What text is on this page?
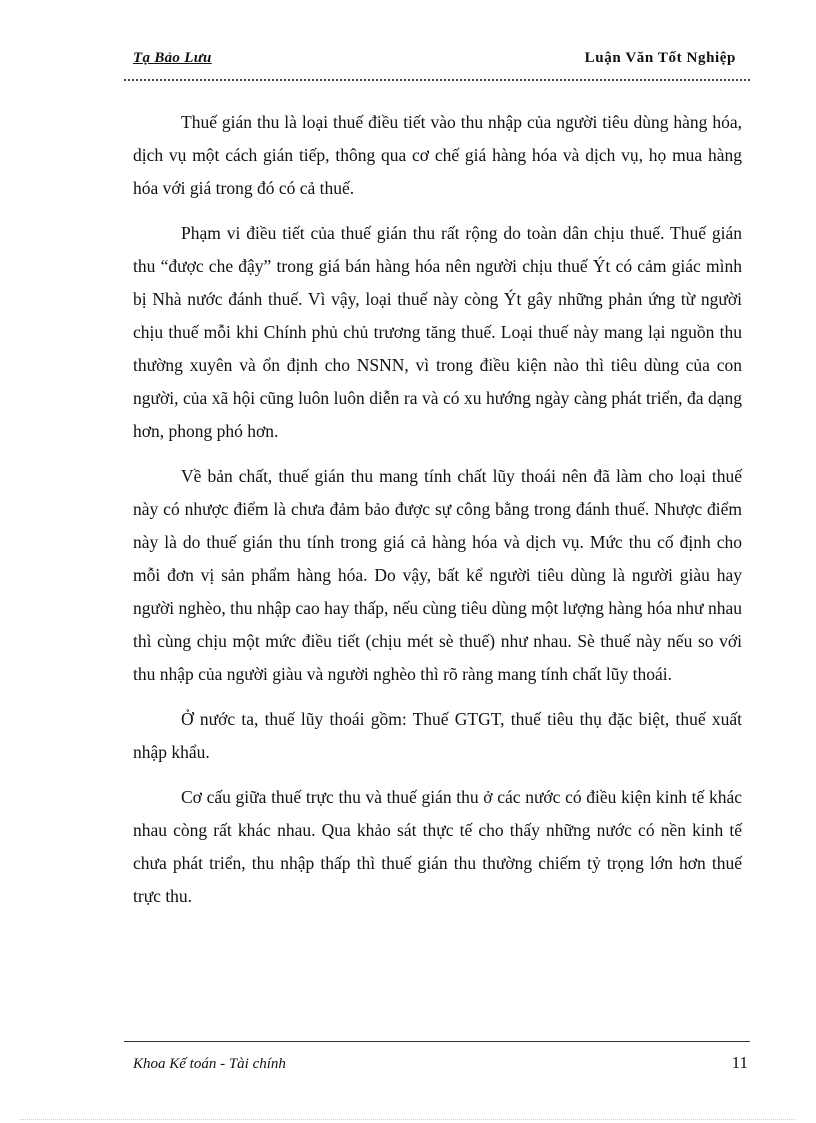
Tạ Bảo Lưu	Luận Văn Tốt Nghiệp

Thuế gián thu là loại thuế điều tiết vào thu nhập của người tiêu dùng hàng hóa, dịch vụ một cách gián tiếp, thông qua cơ chế giá hàng hóa và dịch vụ, họ mua hàng hóa với giá trong đó có cả thuế.

Phạm vi điều tiết của thuế gián thu rất rộng do toàn dân chịu thuế. Thuế gián thu “được che đậy” trong giá bán hàng hóa nên người chịu thuế Ýt có cảm giác mình bị Nhà nước đánh thuế. Vì vậy, loại thuế này còng Ýt gây những phản ứng từ người chịu thuế mỗi khi Chính phủ chủ trương tăng thuế. Loại thuế này mang lại nguồn thu thường xuyên và ổn định cho NSNN, vì trong điều kiện nào thì tiêu dùng của con người, của xã hội cũng luôn luôn diễn ra và có xu hướng ngày càng phát triển, đa dạng hơn, phong phó hơn.

Về bản chất, thuế gián thu mang tính chất lũy thoái nên đã làm cho loại thuế này có nhược điểm là chưa đảm bảo được sự công bằng trong đánh thuế. Nhược điểm này là do thuế gián thu tính trong giá cả hàng hóa và dịch vụ. Mức thu cố định cho mỗi đơn vị sản phẩm hàng hóa. Do vậy, bất kể người tiêu dùng là người giàu hay người nghèo, thu nhập cao hay thấp, nếu cùng tiêu dùng một lượng hàng hóa như nhau thì cùng chịu một mức điều tiết (chịu mét sè thuế) như nhau. Sè thuế này nếu so với thu nhập của người giàu và người nghèo thì rõ ràng mang tính chất lũy thoái.

Ở nước ta, thuế lũy thoái gồm: Thuế GTGT, thuế tiêu thụ đặc biệt, thuế xuất nhập khẩu.

Cơ cấu giữa thuế trực thu và thuế gián thu ở các nước có điều kiện kinh tế khác nhau còng rất khác nhau. Qua khảo sát thực tế cho thấy những nước có nền kinh tế chưa phát triển, thu nhập thấp thì thuế gián thu thường chiếm tỷ trọng lớn hơn thuế trực thu.

Khoa Kế toán - Tài chính	11
